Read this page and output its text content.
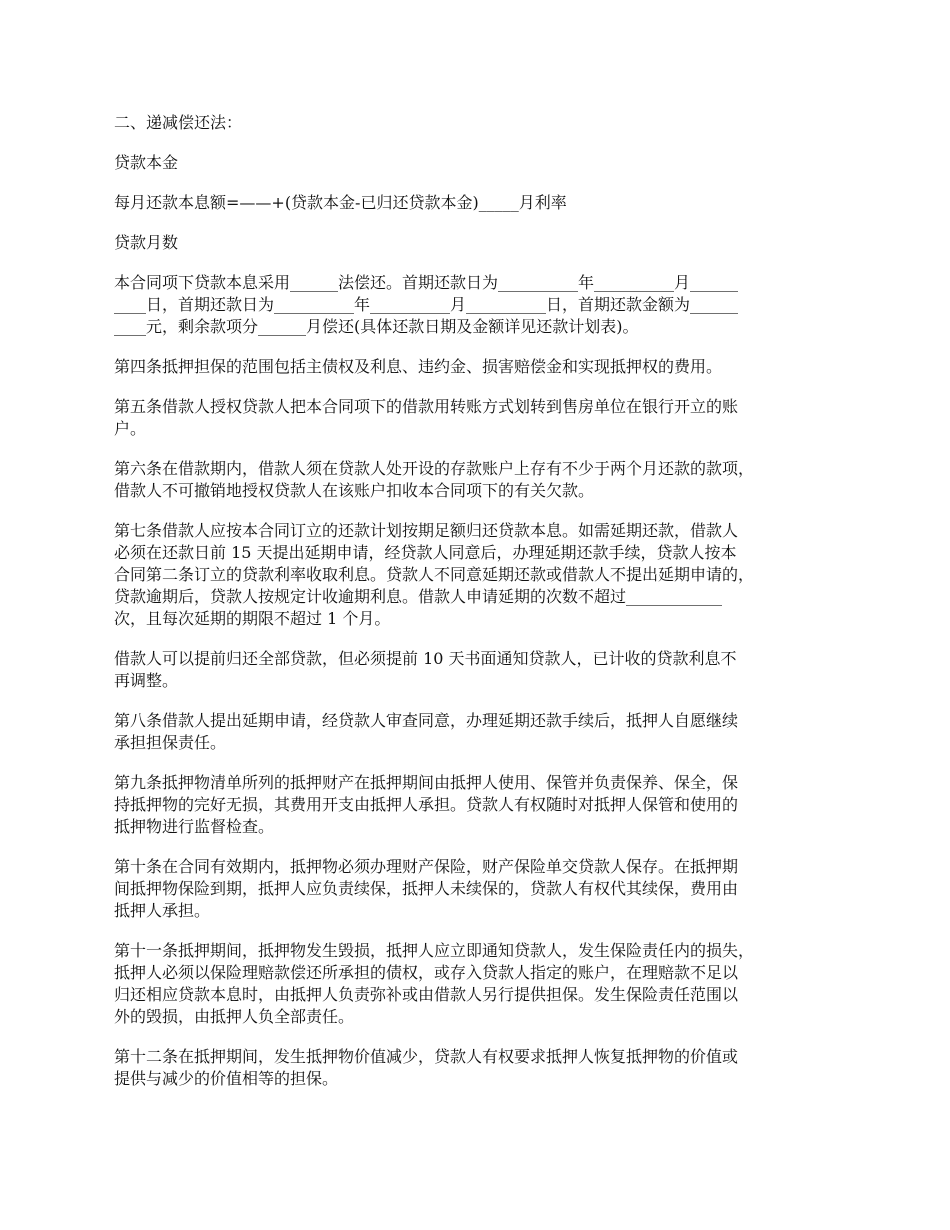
二、递减偿还法：

贷款本金

每月还款本息额=——+(贷款本金-已归还贷款本金)_____月利率

贷款月数

本合同项下贷款本息采用______法偿还。首期还款日为__________年__________月______
____日，首期还款日为__________年__________月__________日，首期还款金额为______
____元，剩余款项分______月偿还(具体还款日期及金额详见还款计划表)。

第四条抵押担保的范围包括主债权及利息、违约金、损害赔偿金和实现抵押权的费用。

第五条借款人授权贷款人把本合同项下的借款用转账方式划转到售房单位在银行开立的账
户。

第六条在借款期内，借款人须在贷款人处开设的存款账户上存有不少于两个月还款的款项，
借款人不可撤销地授权贷款人在该账户扣收本合同项下的有关欠款。

第七条借款人应按本合同订立的还款计划按期足额归还贷款本息。如需延期还款，借款人
必须在还款日前 15 天提出延期申请，经贷款人同意后，办理延期还款手续，贷款人按本
合同第二条订立的贷款利率收取利息。贷款人不同意延期还款或借款人不提出延期申请的，
贷款逾期后，贷款人按规定计收逾期利息。借款人申请延期的次数不超过____________
次，且每次延期的期限不超过 1 个月。

借款人可以提前归还全部贷款，但必须提前 10 天书面通知贷款人，已计收的贷款利息不
再调整。

第八条借款人提出延期申请，经贷款人审查同意，办理延期还款手续后，抵押人自愿继续
承担担保责任。

第九条抵押物清单所列的抵押财产在抵押期间由抵押人使用、保管并负责保养、保全，保
持抵押物的完好无损，其费用开支由抵押人承担。贷款人有权随时对抵押人保管和使用的
抵押物进行监督检查。

第十条在合同有效期内，抵押物必须办理财产保险，财产保险单交贷款人保存。在抵押期
间抵押物保险到期，抵押人应负责续保，抵押人未续保的，贷款人有权代其续保，费用由
抵押人承担。

第十一条抵押期间，抵押物发生毁损，抵押人应立即通知贷款人，发生保险责任内的损失，
抵押人必须以保险理赔款偿还所承担的债权，或存入贷款人指定的账户，在理赔款不足以
归还相应贷款本息时，由抵押人负责弥补或由借款人另行提供担保。发生保险责任范围以
外的毁损，由抵押人负全部责任。

第十二条在抵押期间，发生抵押物价值减少，贷款人有权要求抵押人恢复抵押物的价值或
提供与减少的价值相等的担保。
